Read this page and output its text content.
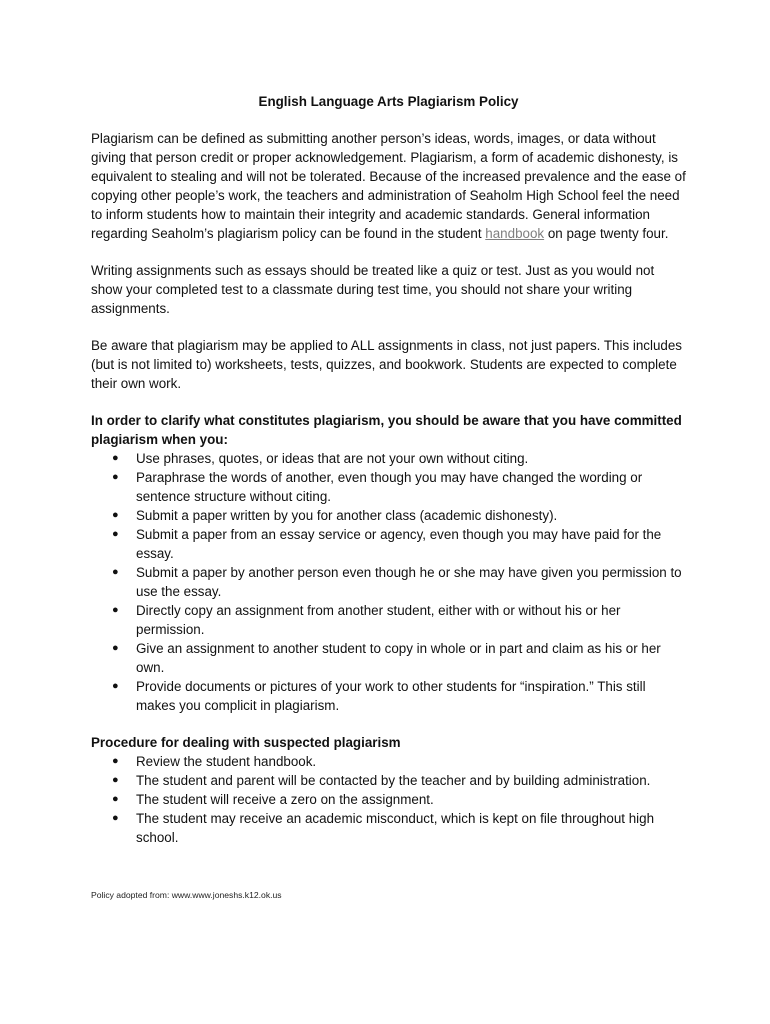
English Language Arts Plagiarism Policy

Plagiarism can be defined as submitting another person’s ideas, words, images, or data without giving that person credit or proper acknowledgement. Plagiarism, a form of academic dishonesty, is equivalent to stealing and will not be tolerated. Because of the increased prevalence and the ease of copying other people’s work, the teachers and administration of Seaholm High School feel the need to inform students how to maintain their integrity and academic standards. General information regarding Seaholm’s plagiarism policy can be found in the student handbook on page twenty four.

Writing assignments such as essays should be treated like a quiz or test. Just as you would not show your completed test to a classmate during test time, you should not share your writing assignments.

Be aware that plagiarism may be applied to ALL assignments in class, not just papers. This includes (but is not limited to) worksheets, tests, quizzes, and bookwork. Students are expected to complete their own work.

In order to clarify what constitutes plagiarism, you should be aware that you have committed plagiarism when you:
● Use phrases, quotes, or ideas that are not your own without citing.
● Paraphrase the words of another, even though you may have changed the wording or sentence structure without citing.
● Submit a paper written by you for another class (academic dishonesty).
● Submit a paper from an essay service or agency, even though you may have paid for the essay.
● Submit a paper by another person even though he or she may have given you permission to use the essay.
● Directly copy an assignment from another student, either with or without his or her permission.
● Give an assignment to another student to copy in whole or in part and claim as his or her own.
● Provide documents or pictures of your work to other students for “inspiration.” This still makes you complicit in plagiarism.
Procedure for dealing with suspected plagiarism
● Review the student handbook.
● The student and parent will be contacted by the teacher and by building administration.
● The student will receive a zero on the assignment.
● The student may receive an academic misconduct, which is kept on file throughout high school.
Policy adopted from: www.www.joneshs.k12.ok.us
